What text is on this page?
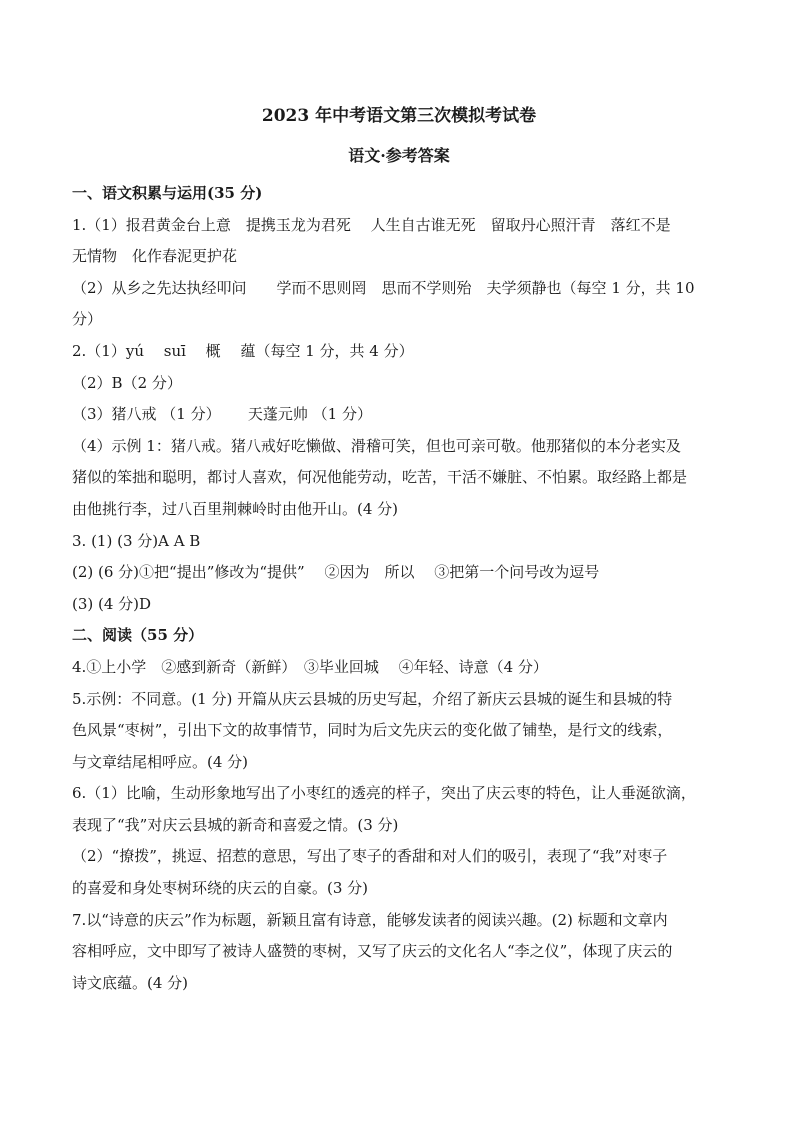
2023 年中考语文第三次模拟考试卷

语文·参考答案

一、语文积累与运用(35 分)

1.（1）报君黄金台上意　提携玉龙为君死　 人生自古谁无死　留取丹心照汗青　落红不是

无情物　化作春泥更护花

（2）从乡之先达执经叩问　　学而不思则罔　思而不学则殆　夫学须静也（每空 1 分，共 10

分）

2.（1）yú　 suī　 概　 蕴（每空 1 分，共 4 分）

（2）B（2 分）

（3）猪八戒 （1 分）　　 天蓬元帅 （1 分）

（4）示例 1：猪八戒。猪八戒好吃懒做、滑稽可笑，但也可亲可敬。他那猪似的本分老实及

猪似的笨拙和聪明，都讨人喜欢，何况他能劳动，吃苦，干活不嫌脏、不怕累。取经路上都是

由他挑行李，过八百里荆棘岭时由他开山。(4 分)

3. (1) (3 分)A A B

(2) (6 分)①把“提出”修改为“提供”　 ②因为　所以　 ③把第一个问号改为逗号

(3) (4 分)D

二、阅读（55 分）

4.①上小学　②感到新奇（新鲜）　③毕业回城　 ④年轻、诗意（4 分）

5.示例：不同意。(1 分) 开篇从庆云县城的历史写起，介绍了新庆云县城的诞生和县城的特

色风景“枣树”，引出下文的故事情节，同时为后文先庆云的变化做了铺垫，是行文的线索，

与文章结尾相呼应。(4 分)

6.（1）比喻，生动形象地写出了小枣红的透亮的样子，突出了庆云枣的特色，让人垂涎欲滴，

表现了“我”对庆云县城的新奇和喜爱之情。(3 分)

（2）“撩拨”，挑逗、招惹的意思，写出了枣子的香甜和对人们的吸引，表现了“我”对枣子

的喜爱和身处枣树环绕的庆云的自豪。(3 分)

7.以“诗意的庆云”作为标题，新颖且富有诗意，能够发读者的阅读兴趣。(2) 标题和文章内

容相呼应，文中即写了被诗人盛赞的枣树，又写了庆云的文化名人“李之仪”，体现了庆云的

诗文底蕴。(4 分)
